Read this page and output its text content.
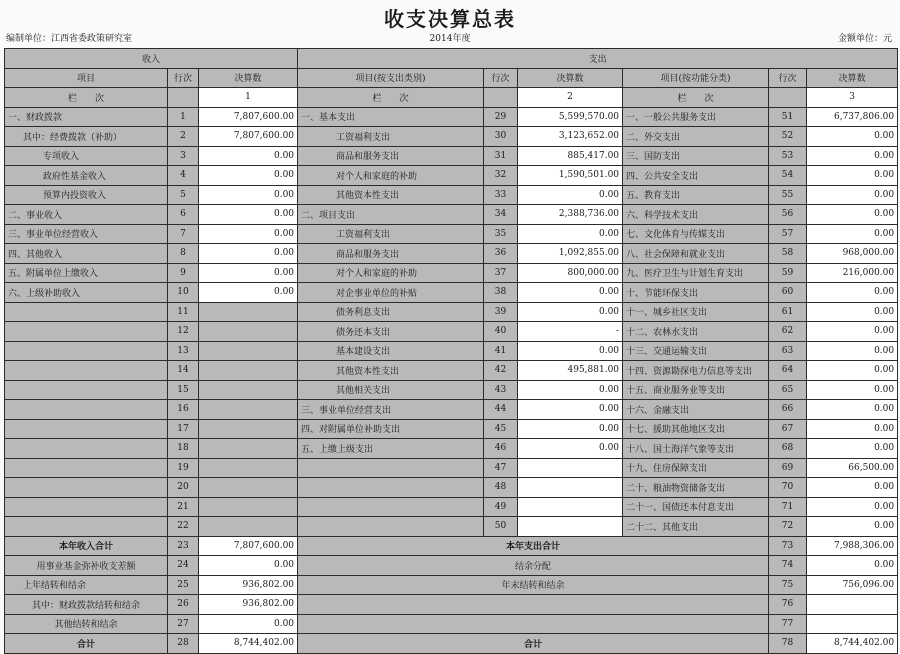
收支决算总表
编制单位：江西省委政策研究室	2014年度	金额单位：元
收入			支出					
项目	行次	决算数	项目(按支出类别)	行次	决算数	项目(按功能分类)	行次	决算数
栏　　次		1	栏　　次		2	栏　　次		3
一、财政拨款	1	7,807,600.00	一、基本支出	29	5,599,570.00	一、一般公共服务支出	51	6,737,806.00
其中：经费拨款（补助）	2	7,807,600.00	工资福利支出	30	3,123,652.00	二、外交支出	52	0.00
专项收入	3	0.00	商品和服务支出	31	885,417.00	三、国防支出	53	0.00
政府性基金收入	4	0.00	对个人和家庭的补助	32	1,590,501.00	四、公共安全支出	54	0.00
预算内投资收入	5	0.00	其他资本性支出	33	0.00	五、教育支出	55	0.00
二、事业收入	6	0.00	二、项目支出	34	2,388,736.00	六、科学技术支出	56	0.00
三、事业单位经营收入	7	0.00	工资福利支出	35	0.00	七、文化体育与传媒支出	57	0.00
四、其他收入	8	0.00	商品和服务支出	36	1,092,855.00	八、社会保障和就业支出	58	968,000.00
五、附属单位上缴收入	9	0.00	对个人和家庭的补助	37	800,000.00	九、医疗卫生与计划生育支出	59	216,000.00
六、上级补助收入	10	0.00	对企事业单位的补贴	38	0.00	十、节能环保支出	60	0.00
	11		债务利息支出	39	0.00	十一、城乡社区支出	61	0.00
	12		债务还本支出	40	-	十二、农林水支出	62	0.00
	13		基本建设支出	41	0.00	十三、交通运输支出	63	0.00
	14		其他资本性支出	42	495,881.00	十四、资源勘探电力信息等支出	64	0.00
	15		其他相关支出	43	0.00	十五、商业服务业等支出	65	0.00
	16		三、事业单位经营支出	44	0.00	十六、金融支出	66	0.00
	17		四、对附属单位补助支出	45	0.00	十七、援助其他地区支出	67	0.00
	18		五、上缴上级支出	46	0.00	十八、国土海洋气象等支出	68	0.00
	19			47		十九、住房保障支出	69	66,500.00
	20			48		二十、粮油物资储备支出	70	0.00
	21			49		二十一、国债还本付息支出	71	0.00
	22			50		二十二、其他支出	72	0.00
本年收入合计	23	7,807,600.00	本年支出合计				73	7,988,306.00
用事业基金弥补收支差额	24	0.00	结余分配				74	0.00
上年结转和结余	25	936,802.00	年末结转和结余				75	756,096.00
其中：财政拨款结转和结余	26	936,802.00					76	
其他结转和结余	27	0.00					77	
合计	28	8,744,402.00	合计				78	8,744,402.00
